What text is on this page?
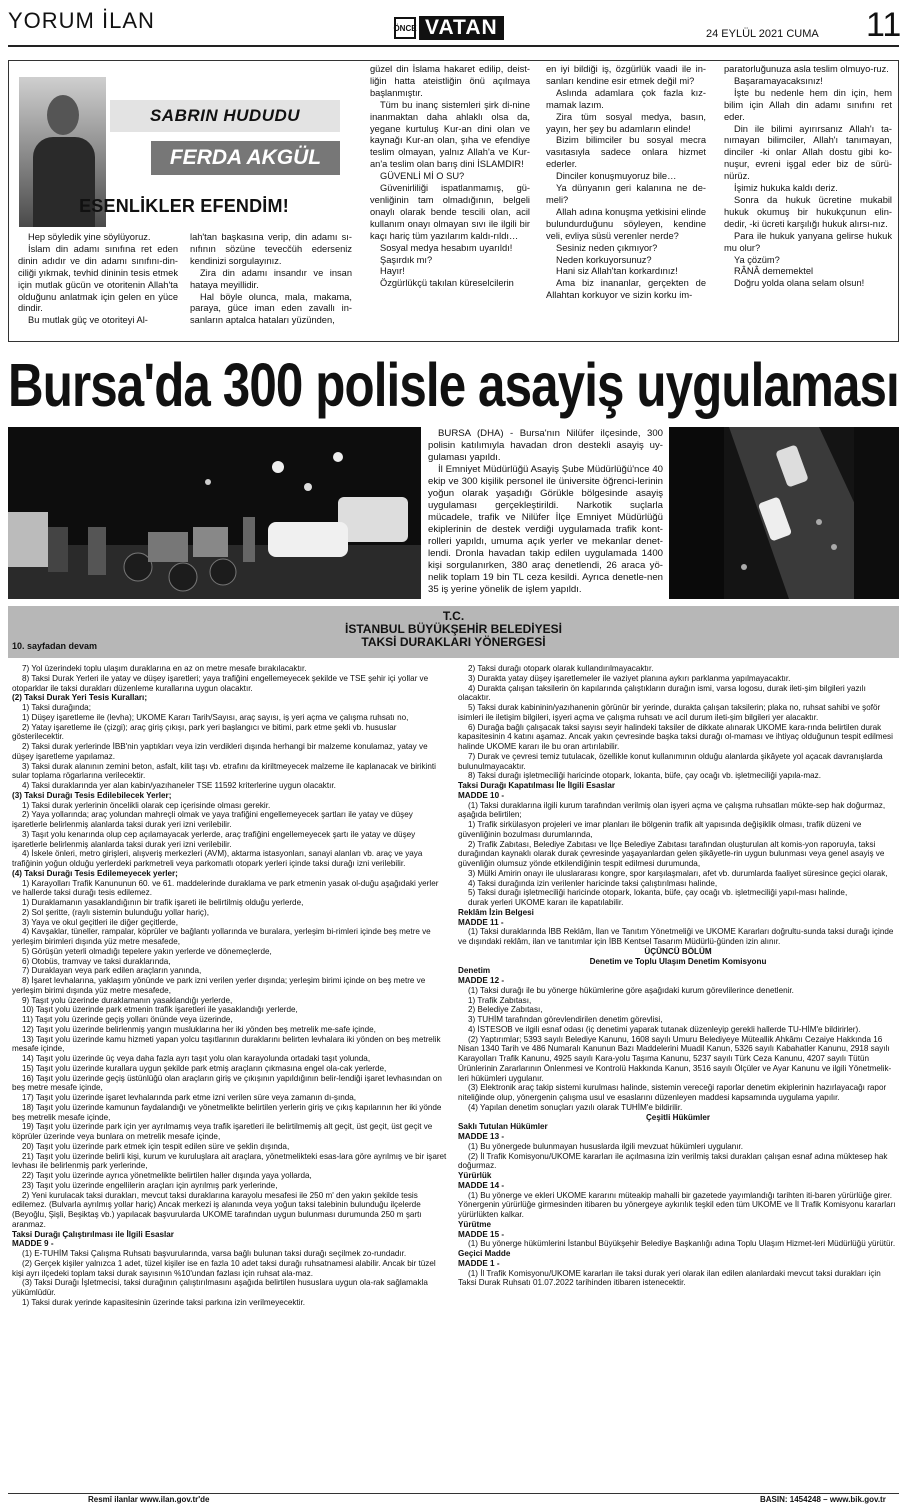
YORUM İLAN	ÖNCE VATAN	24 EYLÜL 2021 CUMA 11
SABRIN HUDUDU
FERDA AKGÜL
ESENLİKLER EFENDİM!

Hep söyledik yine söylüyoruz.

İslam din adamı sınıfına ret eden dinin adıdır ve din adamı sınıfını-din-ciliği yıkmak, tevhid dininin tesis etmek için mutlak gücün ve otoritenin Allah'ta olduğunu anlatmak için gelen en yüce dindir.

Bu mutlak güç ve otoriteyi Al-

lah'tan başkasına verip, din adamı sı-nıfının sözüne tevecčüh ederseniz kendinizi sorgulayınız.

Zira din adamı insandır ve insan hataya meyillidir.

Hal böyle olunca, mala, makama, paraya, güce iman eden zavallı in-sanların aptalca hataları yüzünden,

güzel din İslama hakaret edilip, deist-liğin hatta ateistliğin önü açılmaya başlanmıştır.

Tüm bu inanç sistemleri şirk di-nine inanmaktan daha ahlaklı olsa da, yegane kurtuluş Kur-an dini olan ve kaynağı Kur-an olan, şıha ve efendiye teslim olmayan, yalnız Allah'a ve Kur-an'a teslim olan barış dini İSLAMDIR!

GÜVENLİ Mİ O SU?

Güvenirliliği ispatlanmamış, gü-venliğinin tam olmadığının, belgeli onaylı olarak bende tescili olan, acil kullanım onayı olmayan sıvı ile ilgili bir kaçı hariç tüm yazılarım kaldı-rıldı…

Sosyal medya hesabım uyarıldı!

Şaşırdık mı?

Hayır!

Özgürlükçü takılan küreselcilerin

en iyi bildiği iş, özgürlük vaadi ile in-sanları kendine esir etmek değil mi?

Aslında adamlara çok fazla kız-mamak lazım.

Zira tüm sosyal medya, basın, yayın, her şey bu adamların elinde!

Bizim bilimciler bu sosyal mecra vasıtasıyla sadece onlara hizmet ederler.

Dinciler konuşmuyoruz bile…

Ya dünyanın geri kalanına ne de-meli?

Allah adına konuşma yetkisini elinde bulundurduğunu söyleyen, kendine veli, evliya süsü verenler nerde?

Sesiniz neden çıkmıyor?

Neden korkuyorsunuz?

Hani siz Allah'tan korkardınız!

Ama biz inananlar, gerçekten de Allahtan korkuyor ve sizin korku im-

paratorluğunuza asla teslim olmuyo-ruz.

Başaramayacaksınız!

İşte bu nedenle hem din için, hem bilim için Allah din adamı sınıfını ret eder.

Din ile bilimi ayırırsanız Allah'ı ta-nımayan bilimciler, Allah'ı tanımayan, dinciler -ki onlar Allah dostu gibi ko-nuşur, evreni işgal eder biz de sürü-nürüz.

İşimiz hukuka kaldı deriz.

Sonra da hukuk ücretine mukabil hukuk okumuş bir hukukçunun elin-dedir, -ki ücreti karşılığı hukuk alırsı-nız.

Para ile hukuk yanyana gelirse hukuk mu olur?

Ya çözüm?

RÂNÂ dememektel

Doğru yolda olana selam olsun!

Bursa'da 300 polisle asayiş uygulaması

BURSA (DHA) - Bursa'nın Nilüfer ilçesinde, 300 polisin katılımıyla havadan dron destekli asayiş uy-gulaması yapıldı.

İl Emniyet Müdürlüğü Asayiş Şube Müdürlüğü'nce 40 ekip ve 300 kişilik personel ile üniversite öğrenci-lerinin yoğun olarak yaşadığı Görükle bölgesinde asayiş uygulaması gerçekleştirildi. Narkotik suçlarla mücadele, trafik ve Nilüfer İlçe Emniyet Müdürlüğü ekiplerinin de destek verdiği uygulamada trafik kont-rolleri yapıldı, umuma açık yerler ve mekanlar denet-lendi. Dronla havadan takip edilen uygulamada 1400 kişi sorgulanırken, 380 araç denetlendi, 26 araca yö-nelik toplam 19 bin TL ceza kesildi. Ayrıca denetle-nen 35 iş yerine yönelik de işlem yapıldı.

T.C.
İSTANBUL BÜYÜKŞEHİR BELEDİYESİ
TAKSİ DURAKLARI YÖNERGESİ
10. sayfadan devam

7) Yol üzerindeki toplu ulaşım duraklarına en az on metre mesafe bırakılacaktır.

8) Taksi Durak Yerleri ile yatay ve düşey işaretleri; yaya trafiğini engellemeyecek şekilde ve TSE şehir içi yollar ve otoparklar ile taksi durakları düzenleme kurallarına uygun olacaktır.

(2) Taksi Durak Yeri Tesis Kuralları;

1) Taksi durağında;

1) Düşey işaretleme ile (levha); UKOME Kararı Tarih/Sayısı, araç sayısı, iş yeri açma ve çalışma ruhsatı no,

2) Yatay işaretleme ile (çizgi); araç giriş çıkışı, park yeri başlangıcı ve bitimi, park etme şekli vb. hususlar gösterilecektir.

2) Taksi durak yerlerinde İBB'nin yaptıkları veya izin verdikleri dışında herhangi bir malzeme konulamaz, yatay ve düşey işaretleme yapılamaz.

3) Taksi durak alanının zemini beton, asfalt, kilit taşı vb. etrafını da kiriltmeyecek malzeme ile kaplanacak ve birikinti sular toplama rögarlarına verilecektir.

4) Taksi duraklarında yer alan kabin/yazıhaneler TSE 11592 kriterlerine uygun olacaktır.

(3) Taksi Durağı Tesis Edilebilecek Yerler;

1) Taksi durak yerlerinin öncelikli olarak cep içerisinde olması gerekir.

2) Yaya yollarında; araç yolundan mahreçli olmak ve yaya trafiğini engellemeyecek şartları ile yatay ve düşey işaretlerle belirlenmiş alanlarda taksi durak yeri izni verilebilir.

3) Taşıt yolu kenarında olup cep açılamayacak yerlerde, araç trafiğini engellemeyecek şartı ile yatay ve düşey işaretlerle belirlenmiş alanlarda taksi durak yeri izni verilebilir.

4) İskele önleri, metro girişleri, alışveriş merkezleri (AVM), aktarma istasyonları, sanayi alanları vb. araç ve yaya trafiğinin yoğun olduğu yerlerdeki parkmetreli veya parkomatlı otopark yerleri içinde taksi durağı izni verilebilir.

(4) Taksi Durağı Tesis Edilemeyecek yerler;

1) Karayolları Trafik Kanununun 60. ve 61. maddelerinde duraklama ve park etmenin yasak ol-duğu aşağıdaki yerler ve hallerde taksi durağı tesis edilemez.

1) Duraklamanın yasaklandığının bir trafik işareti ile belirtilmiş olduğu yerlerde,

2) Sol şeritte, (raylı sistemin bulunduğu yollar hariç),

3) Yaya ve okul geçitleri ile diğer geçitlerde,

4) Kavşaklar, tüneller, rampalar, köprüler ve bağlantı yollarında ve buralara, yerleşim bi-rimleri içinde beş metre ve yerleşim birimleri dışında yüz metre mesafede,

5) Görüşün yeterli olmadığı tepelere yakın yerlerde ve dönemeçlerde,

6) Otobüs, tramvay ve taksi duraklarında,

7) Duraklayan veya park edilen araçların yanında,

8) İşaret levhalarına, yaklaşım yönünde ve park izni verilen yerler dışında; yerleşim birimi içinde on beş metre ve yerleşim birimi dışında yüz metre mesafede,

9) Taşıt yolu üzerinde duraklamanın yasaklandığı yerlerde,

10) Taşıt yolu üzerinde park etmenin trafik işaretleri ile yasaklandığı yerlerde,

11) Taşıt yolu üzerinde geçiş yolları önünde veya üzerinde,

12) Taşıt yolu üzerinde belirlenmiş yangın musluklarına her iki yönden beş metrelik me-safe içinde,

13) Taşıt yolu üzerinde kamu hizmeti yapan yolcu taşıtlarının duraklarını belirten levhalara iki yönden on beş metrelik mesafe içinde,

14) Taşıt yolu üzerinde üç veya daha fazla ayrı taşıt yolu olan karayolunda ortadaki taşıt yolunda,

15) Taşıt yolu üzerinde kurallara uygun şekilde park etmiş araçların çıkmasına engel ola-cak yerlerde,

16) Taşıt yolu üzerinde geçiş üstünlüğü olan araçların giriş ve çıkışının yapıldığının belir-lendiği işaret levhasından on beş metre mesafe içinde,

17) Taşıt yolu üzerinde işaret levhalarında park etme izni verilen süre veya zamanın dı-şında,

18) Taşıt yolu üzerinde kamunun faydalandığı ve yönetmelikte belirtilen yerlerin giriş ve çıkış kapılarının her iki yönde beş metrelik mesafe içinde,

19) Taşıt yolu üzerinde park için yer ayrılmamış veya trafik işaretleri ile belirtilmemiş alt geçit, üst geçit, üst geçit ve köprüler üzerinde veya bunlara on metrelik mesafe içinde,

20) Taşıt yolu üzerinde park etmek için tespit edilen süre ve şeklin dışında,

21) Taşıt yolu üzerinde belirli kişi, kurum ve kuruluşlara ait araçlara, yönetmelikteki esas-lara göre ayrılmış ve bir işaret levhası ile belirlenmiş park yerlerinde,

22) Taşıt yolu üzerinde ayrıca yönetmelikte belirtilen haller dışında yaya yollarda,

23) Taşıt yolu üzerinde engellilerin araçları için ayrılmış park yerlerinde,

2) Yeni kurulacak taksi durakları, mevcut taksi duraklarına karayolu mesafesi ile 250 m' den yakın şekilde tesis edilemez. (Bulvarla ayrılmış yollar hariç) Ancak merkezi iş alanında veya yoğun taksi talebinin bulunduğu ilçelerde (Beyoğlu, Şişli, Beşiktaş vb.) yapılacak başvurularda UKOME tarafından uygun bulunması durumunda 250 m şartı aranmaz.

Taksi Durağı Çalıştırılması ile İlgili Esaslar

MADDE 9 -

(1) E-TUHİM Taksi Çalışma Ruhsatı başvurularında, varsa bağlı bulunan taksi durağı seçilmek zo-rundadır.

(2) Gerçek kişiler yalnızca 1 adet, tüzel kişiler ise en fazla 10 adet taksi durağı ruhsatnamesi alabilir. Ancak bir tüzel kişi ayrı ilçedeki toplam taksi durak sayısının %10'undan fazlası için ruhsat ala-maz.

(3) Taksi Durağı İşletmecisi, taksi durağının çalıştırılmasını aşağıda belirtilen hususlara uygun ola-rak sağlamakla yükümlüdür.

1) Taksi durak yerinde kapasitesinin üzerinde taksi parkına izin verilmeyecektir.

2) Taksi durağı otopark olarak kullandırılmayacaktır.

3) Durakta yatay düşey işaretlemeler ile vaziyet planına aykırı parklanma yapılmayacaktır.

4) Durakta çalışan taksilerin ön kapılarında çalıştıkların durağın ismi, varsa logosu, durak ileti-şim bilgileri yazılı olacaktır.

5) Taksi durak kabininin/yazıhanenin görünür bir yerinde, durakta çalışan taksilerin; plaka no, ruhsat sahibi ve şoför isimleri ile iletişim bilgileri, işyeri açma ve çalışma ruhsatı ve acil durum ileti-şim bilgileri yer alacaktır.

6) Durağa bağlı çalışacak taksi sayısı seyir halindeki taksiler de dikkate alınarak UKOME kara-rında belirtilen durak kapasitesinin 4 katını aşamaz. Ancak yakın çevresinde başka taksi durağı ol-maması ve ihtiyaç olduğunun tespit edilmesi halinde UKOME kararı ile bu oran artırılabilir.

7) Durak ve çevresi temiz tutulacak, özellikle konut kullanımının olduğu alanlarda şikâyete yol açacak davranışlarda bulunulmayacaktır.

8) Taksi durağı işletmeciliği haricinde otopark, lokanta, büfe, çay ocağı vb. işletmeciliği yapıla-maz.

Taksi Durağı Kapatılması İle İlgili Esaslar

MADDE 10 -

(1) Taksi duraklarına ilgili kurum tarafından verilmiş olan işyeri açma ve çalışma ruhsatları mükte-sep hak doğurmaz, aşağıda belirtilen;

1) Trafik sirkülasyon projeleri ve imar planları ile bölgenin trafik alt yapısında değişiklik olması, trafik düzeni ve güvenliğinin bozulması durumlarında,

2) Trafik Zabıtası, Belediye Zabıtası ve İlçe Belediye Zabıtası tarafından oluşturulan alt komis-yon raporuyla, taksi durağından kaynaklı olarak durak çevresinde yaşayanlardan gelen şikâyetle-rin uygun bulunması veya genel asayiş ve güvenliğin olumsuz yönde etkilendiğinin tespit edilmesi durumunda,

3) Mülki Amirin onayı ile uluslararası kongre, spor karşılaşmaları, afet vb. durumlarda faaliyet süresince geçici olarak,

4) Taksi durağında izin verilenler haricinde taksi çalıştırılması halinde,

5) Taksi durağı işletmeciliği haricinde otopark, lokanta, büfe, çay ocağı vb. işletmeciliği yapıl-ması halinde,

durak yerleri UKOME kararı ile kapatılabilir.

Reklâm İzin Belgesi

MADDE 11 -

(1) Taksi duraklarında İBB Reklâm, İlan ve Tanıtım Yönetmeliği ve UKOME Kararları doğrultu-sunda taksi durağı içinde ve dışındaki reklâm, ilan ve tanıtımlar için İBB Kentsel Tasarım Müdürlü-ğünden izin alınır.

ÜÇÜNCÜ BÖLÜM

Denetim ve Toplu Ulaşım Denetim Komisyonu

Denetim

MADDE 12 -

(1) Taksi durağı ile bu yönerge hükümlerine göre aşağıdaki kurum görevlilerince denetlenir.

1) Trafik Zabıtası,

2) Belediye Zabıtası,

3) TUHİM tarafından görevlendirilen denetim görevlisi,

4) İSTESOB ve ilgili esnaf odası (iç denetimi yaparak tutanak düzenleyip gerekli hallerde TU-HİM'e bildirirler).

(2) Yaptırımlar; 5393 sayılı Belediye Kanunu, 1608 sayılı Umuru Belediyeye Müteallik Ahkâmı Cezaiye Hakkında 16 Nisan 1340 Tarih ve 486 Numaralı Kanunun Bazı Maddelerini Muadil Kanun, 5326 sayılı Kabahatler Kanunu, 2918 sayılı Karayolları Trafik Kanunu, 4925 sayılı Kara-yolu Taşıma Kanunu, 5237 sayılı Türk Ceza Kanunu, 4207 sayılı Tütün Ürünlerinin Zararlarının Önlenmesi ve Kontrolü Hakkında Kanun, 3516 sayılı Ölçüler ve Ayar Kanunu ve ilgili Yönetmelik-leri hükümleri uygulanır.

(3) Elektronik araç takip sistemi kurulması halinde, sistemin vereceği raporlar denetim ekiplerinin hazırlayacağı rapor niteliğinde olup, yönergenin çalışma usul ve esaslarını düzenleyen maddesi kapsamında uygulama yapılır.

(4) Yapılan denetim sonuçları yazılı olarak TUHİM'e bildirilir.

Çeşitli Hükümler

Saklı Tutulan Hükümler

MADDE 13 -

(1) Bu yönergede bulunmayan hususlarda ilgili mevzuat hükümleri uygulanır.

(2) İl Trafik Komisyonu/UKOME kararları ile açılmasına izin verilmiş taksi durakları çalışan esnaf adına müktesep hak doğurmaz.

Yürürlük

MADDE 14 -

(1) Bu yönerge ve ekleri UKOME kararını müteakip mahalli bir gazetede yayımlandığı tarihten iti-baren yürürlüğe girer. Yönergenin yürürlüğe girmesinden itibaren bu yönergeye aykırılık teşkil eden tüm UKOME ve İl Trafik Komisyonu kararları yürürlükten kalkar.

Yürütme

MADDE 15 -

(1) Bu yönerge hükümlerini İstanbul Büyükşehir Belediye Başkanlığı adına Toplu Ulaşım Hizmet-leri Müdürlüğü yürütür.

Geçici Madde

MADDE 1 -

(1) İl Trafik Komisyonu/UKOME kararları ile taksi durak yeri olarak ilan edilen alanlardaki mevcut taksi durakları için Taksi Durak Ruhsatı 01.07.2022 tarihinden itibaren istenecektir.

Resmî ilanlar www.ilan.gov.tr'de	BASIN: 1454248 – www.bik.gov.tr
